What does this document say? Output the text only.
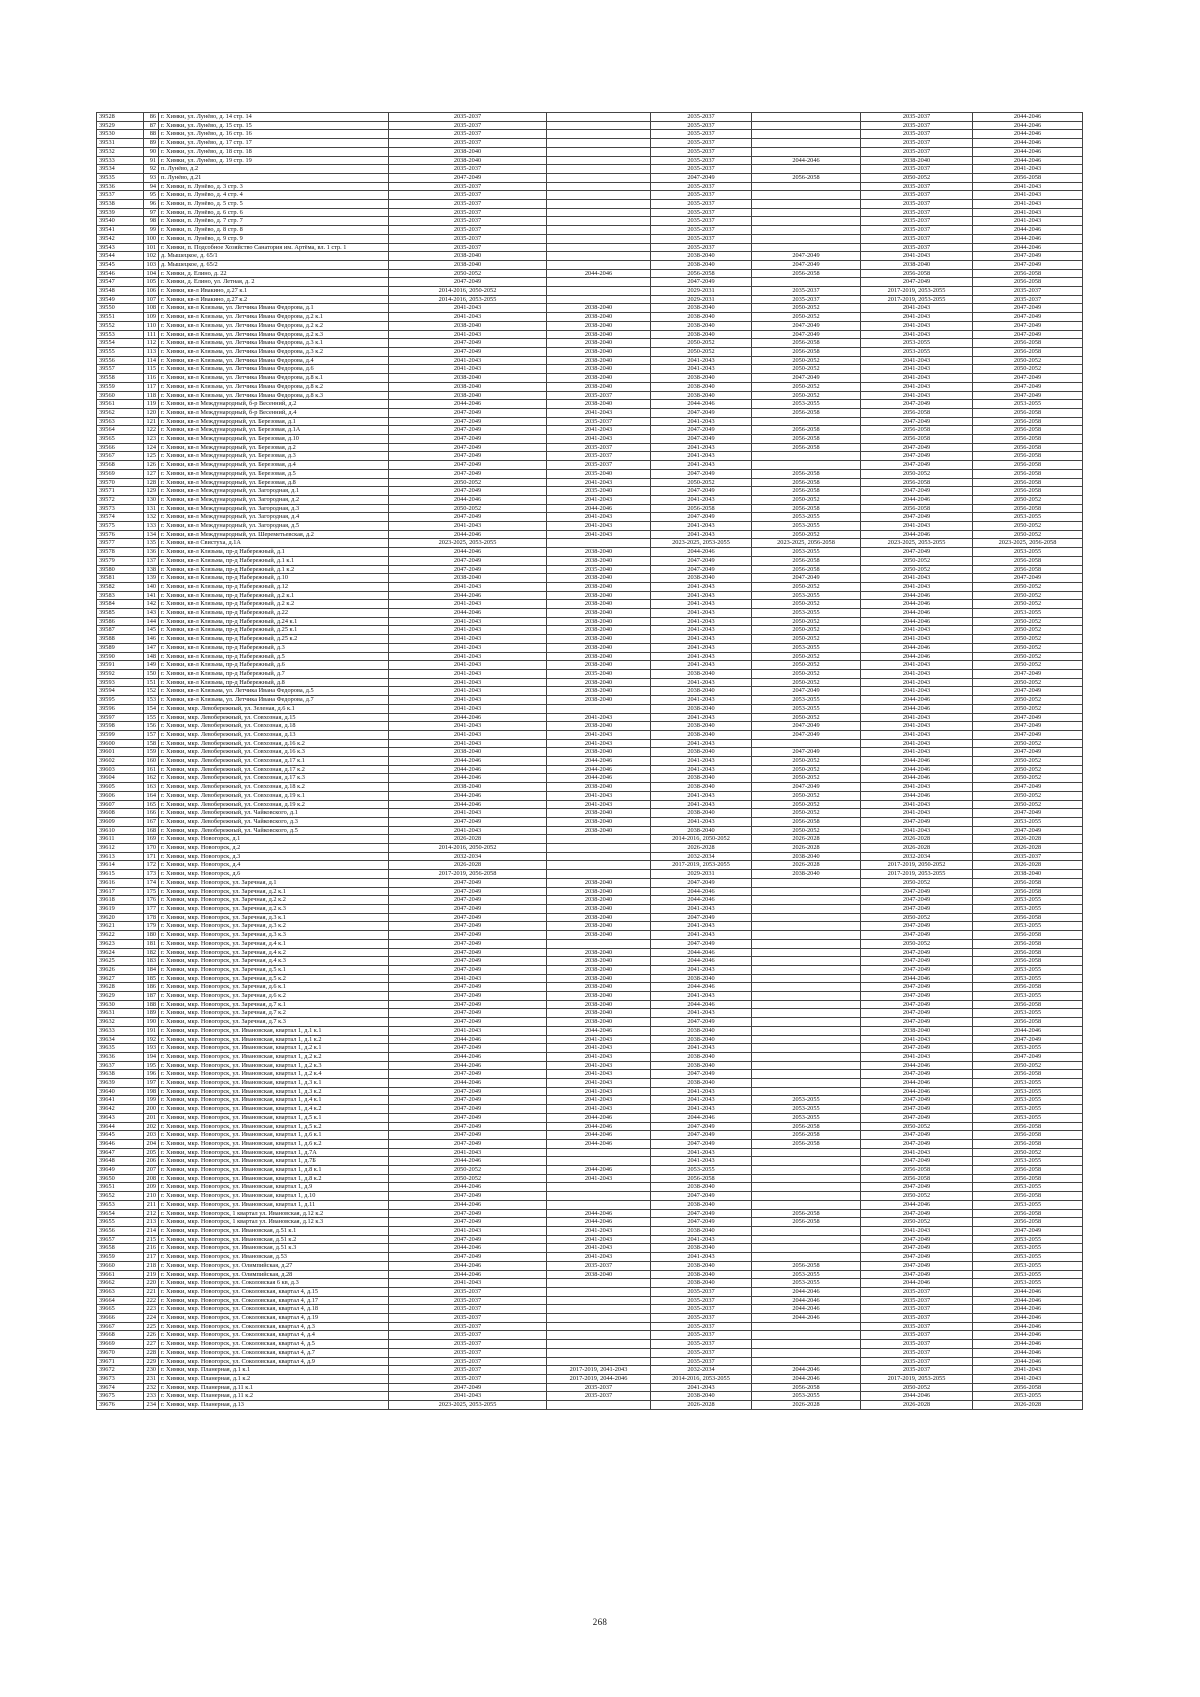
39528	86	г. Химки, ул. Лунёво, д. 14 стр. 14	2035-2037		2035-2037		2035-2037	2044-2046
39529	87	г. Химки, ул. Лунёво, д. 15 стр. 15	2035-2037		2035-2037		2035-2037	2044-2046
39530	88	г. Химки, ул. Лунёво, д. 16 стр. 16	2035-2037		2035-2037		2035-2037	2044-2046
39531	89	г. Химки, ул. Лунёво, д. 17 стр. 17	2035-2037		2035-2037		2035-2037	2044-2046
39532	90	г. Химки, ул. Лунёво, д. 18 стр. 18	2038-2040		2035-2037		2035-2037	2044-2046
39533	91	г. Химки, ул. Лунёво, д. 19 стр. 19	2038-2040		2035-2037	2044-2046	2038-2040	2044-2046
39534	92	п. Лунёво, д.2	2035-2037		2035-2037		2035-2037	2041-2043
39535	93	п. Лунёво, д.21	2047-2049		2047-2049	2056-2058	2050-2052	2056-2058
39536	94	г. Химки, п. Лунёво, д. 3 стр. 3	2035-2037		2035-2037		2035-2037	2041-2043
39537	95	г. Химки, п. Лунёво, д. 4 стр. 4	2035-2037		2035-2037		2035-2037	2041-2043
39538	96	г. Химки, п. Лунёво, д. 5 стр. 5	2035-2037		2035-2037		2035-2037	2041-2043
39539	97	г. Химки, п. Лунёво, д. 6 стр. 6	2035-2037		2035-2037		2035-2037	2041-2043
39540	98	г. Химки, п. Лунёво, д. 7 стр. 7	2035-2037		2035-2037		2035-2037	2041-2043
39541	99	г. Химки, п. Лунёво, д. 8 стр. 8	2035-2037		2035-2037		2035-2037	2044-2046
39542	100	г. Химки, п. Лунёво, д. 9 стр. 9	2035-2037		2035-2037		2035-2037	2044-2046
39543	101	г. Химки, п. Подсобное Хозяйство Санатория им. Артёма, вл. 1 стр. 1	2035-2037		2035-2037		2035-2037	2044-2046
39544	102	д. Мышецкое, д. 65/1	2038-2040		2038-2040	2047-2049	2041-2043	2047-2049
39545	103	д. Мышецкое, д. 65/2	2038-2040		2038-2040	2047-2049	2038-2040	2047-2049
39546	104	г. Химки, д. Елино, д. 22	2050-2052	2044-2046	2056-2058	2056-2058	2056-2058	2056-2058
39547	105	г. Химки, д. Елино, ул. Летная, д. 2	2047-2049		2047-2049		2047-2049	2056-2058
39548	106	г. Химки, кв-л Ивакино, д.27 к.1	2014-2016, 2050-2052		2029-2031	2035-2037	2017-2019, 2053-2055	2035-2037
39549	107	г. Химки, кв-л Ивакино, д.27 к.2	2014-2016, 2053-2055		2029-2031	2035-2037	2017-2019, 2053-2055	2035-2037
39550	108	г. Химки, кв-л Клязьма, ул. Летчика Ивана Федорова, д.1	2041-2043	2038-2040	2038-2040	2050-2052	2041-2043	2047-2049
39551	109	г. Химки, кв-л Клязьма, ул. Летчика Ивана Федорова, д.2 к.1	2041-2043	2038-2040	2038-2040	2050-2052	2041-2043	2047-2049
39552	110	г. Химки, кв-л Клязьма, ул. Летчика Ивана Федорова, д.2 к.2	2038-2040	2038-2040	2038-2040	2047-2049	2041-2043	2047-2049
39553	111	г. Химки, кв-л Клязьма, ул. Летчика Ивана Федорова, д.2 к.3	2041-2043	2038-2040	2038-2040	2047-2049	2041-2043	2047-2049
39554	112	г. Химки, кв-л Клязьма, ул. Летчика Ивана Федорова, д.3 к.1	2047-2049	2038-2040	2050-2052	2056-2058	2053-2055	2056-2058
39555	113	г. Химки, кв-л Клязьма, ул. Летчика Ивана Федорова, д.3 к.2	2047-2049	2038-2040	2050-2052	2056-2058	2053-2055	2056-2058
39556	114	г. Химки, кв-л Клязьма, ул. Летчика Ивана Федорова, д.4	2041-2043	2038-2040	2041-2043	2050-2052	2041-2043	2050-2052
39557	115	г. Химки, кв-л Клязьма, ул. Летчика Ивана Федорова, д.6	2041-2043	2038-2040	2041-2043	2050-2052	2041-2043	2050-2052
39558	116	г. Химки, кв-л Клязьма, ул. Летчика Ивана Федорова, д.8 к.1	2038-2040	2038-2040	2038-2040	2047-2049	2041-2043	2047-2049
39559	117	г. Химки, кв-л Клязьма, ул. Летчика Ивана Федорова, д.8 к.2	2038-2040	2038-2040	2038-2040	2050-2052	2041-2043	2047-2049
39560	118	г. Химки, кв-л Клязьма, ул. Летчика Ивана Федорова, д.8 к.3	2038-2040	2035-2037	2038-2040	2050-2052	2041-2043	2047-2049
39561	119	г. Химки, кв-л Международный, б-р Весенний, д.2	2044-2046	2038-2040	2044-2046	2053-2055	2047-2049	2053-2055
39562	120	г. Химки, кв-л Международный, б-р Весенний, д.4	2047-2049	2041-2043	2047-2049	2056-2058	2056-2058	2056-2058
39563	121	г. Химки, кв-л Международный, ул. Березовая, д.1	2047-2049	2035-2037	2041-2043		2047-2049	2056-2058
39564	122	г. Химки, кв-л Международный, ул. Березовая, д.1А	2047-2049	2041-2043	2047-2049	2056-2058	2056-2058	2056-2058
39565	123	г. Химки, кв-л Международный, ул. Березовая, д.10	2047-2049	2041-2043	2047-2049	2056-2058	2056-2058	2056-2058
39566	124	г. Химки, кв-л Международный, ул. Березовая, д.2	2047-2049	2035-2037	2041-2043	2056-2058	2047-2049	2056-2058
39567	125	г. Химки, кв-л Международный, ул. Березовая, д.3	2047-2049	2035-2037	2041-2043		2047-2049	2056-2058
39568	126	г. Химки, кв-л Международный, ул. Березовая, д.4	2047-2049	2035-2037	2041-2043		2047-2049	2056-2058
39569	127	г. Химки, кв-л Международный, ул. Березовая, д.5	2047-2049	2035-2040	2047-2049	2056-2058	2050-2052	2056-2058
39570	128	г. Химки, кв-л Международный, ул. Березовая, д.8	2050-2052	2041-2043	2050-2052	2056-2058	2056-2058	2056-2058
39571	129	г. Химки, кв-л Международный, ул. Загородная, д.1	2047-2049	2035-2040	2047-2049	2056-2058	2047-2049	2056-2058
39572	130	г. Химки, кв-л Международный, ул. Загородная, д.2	2044-2046	2041-2043	2041-2043	2050-2052	2044-2046	2050-2052
39573	131	г. Химки, кв-л Международный, ул. Загородная, д.3	2050-2052	2044-2046	2056-2058	2056-2058	2056-2058	2056-2058
39574	132	г. Химки, кв-л Международный, ул. Загородная, д.4	2047-2049	2041-2043	2047-2049	2053-2055	2047-2049	2053-2055
39575	133	г. Химки, кв-л Международный, ул. Загородная, д.5	2041-2043	2041-2043	2041-2043	2053-2055	2041-2043	2050-2052
39576	134	г. Химки, кв-л Международный, ул. Шереметьевская, д.2	2044-2046	2041-2043	2041-2043	2050-2052	2044-2046	2050-2052
39577	135	г. Химки, кв-л Свистуха, д.1А	2023-2025, 2053-2055		2023-2025, 2053-2055	2023-2025, 2056-2058	2023-2025, 2053-2055	2023-2025, 2056-2058
39578	136	г. Химки, кв-л Клязьма, пр-д Набережный, д.1	2044-2046	2038-2040	2044-2046	2053-2055	2047-2049	2053-2055
39579	137	г. Химки, кв-л Клязьма, пр-д Набережный, д.1 к.1	2047-2049	2038-2040	2047-2049	2056-2058	2050-2052	2056-2058
39580	138	г. Химки, кв-л Клязьма, пр-д Набережный, д.1 к.2	2047-2049	2035-2040	2047-2049	2056-2058	2050-2052	2056-2058
39581	139	г. Химки, кв-л Клязьма, пр-д Набережный, д.10	2038-2040	2038-2040	2038-2040	2047-2049	2041-2043	2047-2049
39582	140	г. Химки, кв-л Клязьма, пр-д Набережный, д.12	2041-2043	2038-2040	2041-2043	2050-2052	2041-2043	2050-2052
39583	141	г. Химки, кв-л Клязьма, пр-д Набережный, д.2 к.1	2044-2046	2038-2040	2041-2043	2053-2055	2044-2046	2050-2052
39584	142	г. Химки, кв-л Клязьма, пр-д Набережный, д.2 к.2	2041-2043	2038-2040	2041-2043	2050-2052	2044-2046	2050-2052
39585	143	г. Химки, кв-л Клязьма, пр-д Набережный, д.22	2044-2046	2038-2040	2041-2043	2053-2055	2044-2046	2053-2055
39586	144	г. Химки, кв-л Клязьма, пр-д Набережный, д.24 к.1	2041-2043	2038-2040	2041-2043	2050-2052	2044-2046	2050-2052
39587	145	г. Химки, кв-л Клязьма, пр-д Набережный, д.25 к.1	2041-2043	2038-2040	2041-2043	2050-2052	2041-2043	2050-2052
39588	146	г. Химки, кв-л Клязьма, пр-д Набережный, д.25 к.2	2041-2043	2038-2040	2041-2043	2050-2052	2041-2043	2050-2052
39589	147	г. Химки, кв-л Клязьма, пр-д Набережный, д.3	2041-2043	2038-2040	2041-2043	2053-2055	2044-2046	2050-2052
39590	148	г. Химки, кв-л Клязьма, пр-д Набережный, д.5	2041-2043	2038-2040	2041-2043	2050-2052	2044-2046	2050-2052
39591	149	г. Химки, кв-л Клязьма, пр-д Набережный, д.6	2041-2043	2038-2040	2041-2043	2050-2052	2041-2043	2050-2052
39592	150	г. Химки, кв-л Клязьма, пр-д Набережный, д.7	2041-2043	2035-2040	2038-2040	2050-2052	2041-2043	2047-2049
39593	151	г. Химки, кв-л Клязьма, пр-д Набережный, д.8	2041-2043	2038-2040	2041-2043	2050-2052	2041-2043	2050-2052
39594	152	г. Химки, кв-л Клязьма, ул. Летчика Ивана Федорова, д.5	2041-2043	2038-2040	2038-2040	2047-2049	2041-2043	2047-2049
39595	153	г. Химки, кв-л Клязьма, ул. Летчика Ивана Федорова, д.7	2041-2043	2038-2040	2041-2043	2053-2055	2044-2046	2050-2052
39596	154	г. Химки, мкр. Левобережный, ул. Зеленая, д.6 к.1	2041-2043		2038-2040	2053-2055	2044-2046	2050-2052
39597	155	г. Химки, мкр. Левобережный, ул. Совхозная, д.15	2044-2046	2041-2043	2041-2043	2050-2052	2041-2043	2047-2049
39598	156	г. Химки, мкр. Левобережный, ул. Совхозная, д.18	2041-2043	2038-2040	2038-2040	2047-2049	2041-2043	2047-2049
39599	157	г. Химки, мкр. Левобережный, ул. Совхозная, д.13	2041-2043	2041-2043	2038-2040	2047-2049	2041-2043	2047-2049
39600	158	г. Химки, мкр. Левобережный, ул. Совхозная, д.16 к.2	2041-2043	2041-2043	2041-2043		2041-2043	2050-2052
39601	159	г. Химки, мкр. Левобережный, ул. Совхозная, д.16 к.3	2038-2040	2038-2040	2038-2040	2047-2049	2041-2043	2047-2049
39602	160	г. Химки, мкр. Левобережный, ул. Совхозная, д.17 к.1	2044-2046	2044-2046	2041-2043	2050-2052	2044-2046	2050-2052
39603	161	г. Химки, мкр. Левобережный, ул. Совхозная, д.17 к.2	2044-2046	2044-2046	2041-2043	2050-2052	2044-2046	2050-2052
39604	162	г. Химки, мкр. Левобережный, ул. Совхозная, д.17 к.3	2044-2046	2044-2046	2038-2040	2050-2052	2044-2046	2050-2052
39605	163	г. Химки, мкр. Левобережный, ул. Совхозная, д.18 к.2	2038-2040	2038-2040	2038-2040	2047-2049	2041-2043	2047-2049
39606	164	г. Химки, мкр. Левобережный, ул. Совхозная, д.19 к.1	2044-2046	2041-2043	2041-2043	2050-2052	2044-2046	2050-2052
39607	165	г. Химки, мкр. Левобережный, ул. Совхозная, д.19 к.2	2044-2046	2041-2043	2041-2043	2050-2052	2041-2043	2050-2052
39608	166	г. Химки, мкр. Левобережный, ул. Чайковского, д.1	2041-2043	2038-2040	2038-2040	2050-2052	2041-2043	2047-2049
39609	167	г. Химки, мкр. Левобережный, ул. Чайковского, д.3	2047-2049	2038-2040	2041-2043	2056-2058	2047-2049	2053-2055
39610	168	г. Химки, мкр. Левобережный, ул. Чайковского, д.5	2041-2043	2038-2040	2038-2040	2050-2052	2041-2043	2047-2049
39611	169	г. Химки, мкр. Новогорск, д.1	2026-2028		2014-2016, 2050-2052	2026-2028	2026-2028	2026-2028
39612	170	г. Химки, мкр. Новогорск, д.2	2014-2016, 2050-2052		2026-2028	2026-2028	2026-2028	2026-2028
39613	171	г. Химки, мкр. Новогорск, д.3	2032-2034		2032-2034	2038-2040	2032-2034	2035-2037
39614	172	г. Химки, мкр. Новогорск, д.4	2026-2028		2017-2019, 2053-2055	2026-2028	2017-2019, 2050-2052	2026-2028
39615	173	г. Химки, мкр. Новогорск, д.6	2017-2019, 2056-2058		2029-2031	2038-2040	2017-2019, 2053-2055	2038-2040
39616	174	г. Химки, мкр. Новогорск, ул. Заречная, д.1	2047-2049	2038-2040	2047-2049		2050-2052	2056-2058
39617	175	г. Химки, мкр. Новогорск, ул. Заречная, д.2 к.1	2047-2049	2038-2040	2044-2046		2047-2049	2056-2058
39618	176	г. Химки, мкр. Новогорск, ул. Заречная, д.2 к.2	2047-2049	2038-2040	2044-2046		2047-2049	2053-2055
39619	177	г. Химки, мкр. Новогорск, ул. Заречная, д.2 к.3	2047-2049	2038-2040	2041-2043		2047-2049	2053-2055
39620	178	г. Химки, мкр. Новогорск, ул. Заречная, д.3 к.1	2047-2049	2038-2040	2047-2049		2050-2052	2056-2058
39621	179	г. Химки, мкр. Новогорск, ул. Заречная, д.3 к.2	2047-2049	2038-2040	2041-2043		2047-2049	2053-2055
39622	180	г. Химки, мкр. Новогорск, ул. Заречная, д.3 к.3	2047-2049	2038-2040	2041-2043		2047-2049	2056-2058
39623	181	г. Химки, мкр. Новогорск, ул. Заречная, д.4 к.1	2047-2049		2047-2049		2050-2052	2056-2058
39624	182	г. Химки, мкр. Новогорск, ул. Заречная, д.4 к.2	2047-2049	2038-2040	2044-2046		2047-2049	2056-2058
39625	183	г. Химки, мкр. Новогорск, ул. Заречная, д.4 к.3	2047-2049	2038-2040	2044-2046		2047-2049	2056-2058
39626	184	г. Химки, мкр. Новогорск, ул. Заречная, д.5 к.1	2047-2049	2038-2040	2041-2043		2047-2049	2053-2055
39627	185	г. Химки, мкр. Новогорск, ул. Заречная, д.5 к.2	2041-2043	2038-2040	2038-2040		2044-2046	2053-2055
39628	186	г. Химки, мкр. Новогорск, ул. Заречная, д.6 к.1	2047-2049	2038-2040	2044-2046		2047-2049	2056-2058
39629	187	г. Химки, мкр. Новогорск, ул. Заречная, д.6 к.2	2047-2049	2038-2040	2041-2043		2047-2049	2053-2055
39630	188	г. Химки, мкр. Новогорск, ул. Заречная, д.7 к.1	2047-2049	2038-2040	2044-2046		2047-2049	2056-2058
39631	189	г. Химки, мкр. Новогорск, ул. Заречная, д.7 к.2	2047-2049	2038-2040	2041-2043		2047-2049	2053-2055
39632	190	г. Химки, мкр. Новогорск, ул. Заречная, д.7 к.3	2047-2049	2038-2040	2047-2049		2047-2049	2056-2058
39633	191	г. Химки, мкр. Новогорск, ул. Ивановская, квартал 1, д.1 к.1	2041-2043	2044-2046	2038-2040		2038-2040	2044-2046
39634	192	г. Химки, мкр. Новогорск, ул. Ивановская, квартал 1, д.1 к.2	2044-2046	2041-2043	2038-2040		2041-2043	2047-2049
39635	193	г. Химки, мкр. Новогорск, ул. Ивановская, квартал 1, д.2 к.1	2047-2049	2041-2043	2041-2043		2047-2049	2053-2055
39636	194	г. Химки, мкр. Новогорск, ул. Ивановская, квартал 1, д.2 к.2	2044-2046	2041-2043	2038-2040		2041-2043	2047-2049
39637	195	г. Химки, мкр. Новогорск, ул. Ивановская, квартал 1, д.2 к.3	2044-2046	2041-2043	2038-2040		2044-2046	2050-2052
39638	196	г. Химки, мкр. Новогорск, ул. Ивановская, квартал 1, д.2 к.4	2047-2049	2041-2043	2047-2049		2047-2049	2056-2058
39639	197	г. Химки, мкр. Новогорск, ул. Ивановская, квартал 1, д.3 к.1	2044-2046	2041-2043	2038-2040		2044-2046	2053-2055
39640	198	г. Химки, мкр. Новогорск, ул. Ивановская, квартал 1, д.3 к.2	2047-2049	2041-2043	2041-2043		2044-2046	2053-2055
39641	199	г. Химки, мкр. Новогорск, ул. Ивановская, квартал 1, д.4 к.1	2047-2049	2041-2043	2041-2043	2053-2055	2047-2049	2053-2055
39642	200	г. Химки, мкр. Новогорск, ул. Ивановская, квартал 1, д.4 к.2	2047-2049	2041-2043	2041-2043	2053-2055	2047-2049	2053-2055
39643	201	г. Химки, мкр. Новогорск, ул. Ивановская, квартал 1, д.5 к.1	2047-2049	2044-2046	2044-2046	2053-2055	2047-2049	2053-2055
39644	202	г. Химки, мкр. Новогорск, ул. Ивановская, квартал 1, д.5 к.2	2047-2049	2044-2046	2047-2049	2056-2058	2050-2052	2056-2058
39645	203	г. Химки, мкр. Новогорск, ул. Ивановская, квартал 1, д.6 к.1	2047-2049	2044-2046	2047-2049	2056-2058	2047-2049	2056-2058
39646	204	г. Химки, мкр. Новогорск, ул. Ивановская, квартал 1, д.6 к.2	2047-2049	2044-2046	2047-2049	2056-2058	2047-2049	2056-2058
39647	205	г. Химки, мкр. Новогорск, ул. Ивановская, квартал 1, д.7А	2041-2043		2041-2043		2041-2043	2050-2052
39648	206	г. Химки, мкр. Новогорск, ул. Ивановская, квартал 1, д.7Б	2044-2046		2041-2043		2047-2049	2053-2055
39649	207	г. Химки, мкр. Новогорск, ул. Ивановская, квартал 1, д.8 к.1	2050-2052	2044-2046	2053-2055		2056-2058	2056-2058
39650	208	г. Химки, мкр. Новогорск, ул. Ивановская, квартал 1, д.8 к.2	2050-2052	2041-2043	2056-2058		2056-2058	2056-2058
39651	209	г. Химки, мкр. Новогорск, ул. Ивановская, квартал 1, д.9	2044-2046		2038-2040		2047-2049	2053-2055
39652	210	г. Химки, мкр. Новогорск, ул. Ивановская, квартал 1, д.10	2047-2049		2047-2049		2050-2052	2056-2058
39653	211	г. Химки, мкр. Новогорск, ул. Ивановская, квартал 1, д.11	2044-2046		2038-2040		2044-2046	2053-2055
39654	212	г. Химки, мкр. Новогорск, 1 квартал ул. Ивановская, д.12 к.2	2047-2049	2044-2046	2047-2049	2056-2058	2047-2049	2056-2058
39655	213	г. Химки, мкр. Новогорск, 1 квартал ул. Ивановская, д.12 к.3	2047-2049	2044-2046	2047-2049	2056-2058	2050-2052	2056-2058
39656	214	г. Химки, мкр. Новогорск, ул. Ивановская, д.51 к.1	2041-2043	2041-2043	2038-2040		2041-2043	2047-2049
39657	215	г. Химки, мкр. Новогорск, ул. Ивановская, д.51 к.2	2047-2049	2041-2043	2041-2043		2047-2049	2053-2055
39658	216	г. Химки, мкр. Новогорск, ул. Ивановская, д.51 к.3	2044-2046	2041-2043	2038-2040		2047-2049	2053-2055
39659	217	г. Химки, мкр. Новогорск, ул. Ивановская, д.53	2047-2049	2041-2043	2041-2043		2047-2049	2053-2055
39660	218	г. Химки, мкр. Новогорск, ул. Олимпийская, д.27	2044-2046	2035-2037	2038-2040	2056-2058	2047-2049	2053-2055
39661	219	г. Химки, мкр. Новогорск, ул. Олимпийская, д.28	2044-2046	2038-2040	2038-2040	2053-2055	2047-2049	2053-2055
39662	220	г. Химки, мкр. Новогорск, ул. Соколовская 6 кв, д.3	2041-2043		2038-2040	2053-2055	2044-2046	2053-2055
39663	221	г. Химки, мкр. Новогорск, ул. Соколовская, квартал 4, д.15	2035-2037		2035-2037	2044-2046	2035-2037	2044-2046
39664	222	г. Химки, мкр. Новогорск, ул. Соколовская, квартал 4, д.17	2035-2037		2035-2037	2044-2046	2035-2037	2044-2046
39665	223	г. Химки, мкр. Новогорск, ул. Соколовская, квартал 4, д.18	2035-2037		2035-2037	2044-2046	2035-2037	2044-2046
39666	224	г. Химки, мкр. Новогорск, ул. Соколовская, квартал 4, д.19	2035-2037		2035-2037	2044-2046	2035-2037	2044-2046
39667	225	г. Химки, мкр. Новогорск, ул. Соколовская, квартал 4, д.3	2035-2037		2035-2037		2035-2037	2044-2046
39668	226	г. Химки, мкр. Новогорск, ул. Соколовская, квартал 4, д.4	2035-2037		2035-2037		2035-2037	2044-2046
39669	227	г. Химки, мкр. Новогорск, ул. Соколовская, квартал 4, д.5	2035-2037		2035-2037		2035-2037	2044-2046
39670	228	г. Химки, мкр. Новогорск, ул. Соколовская, квартал 4, д.7	2035-2037		2035-2037		2035-2037	2044-2046
39671	229	г. Химки, мкр. Новогорск, ул. Соколовская, квартал 4, д.9	2035-2037		2035-2037		2035-2037	2044-2046
39672	230	г. Химки, мкр. Планерная, д.1 к.1	2035-2037	2017-2019, 2041-2043	2032-2034	2044-2046	2035-2037	2041-2043
39673	231	г. Химки, мкр. Планерная, д.1 к.2	2035-2037	2017-2019, 2044-2046	2014-2016, 2053-2055	2044-2046	2017-2019, 2053-2055	2041-2043
39674	232	г. Химки, мкр. Планерная, д.11 к.1	2047-2049	2035-2037	2041-2043	2056-2058	2050-2052	2056-2058
39675	233	г. Химки, мкр. Планерная, д.11 к.2	2041-2043	2035-2037	2038-2040	2053-2055	2044-2046	2053-2055
39676	234	г. Химки, мкр. Планерная, д.13	2023-2025, 2053-2055		2026-2028	2026-2028	2026-2028	2026-2028
268
